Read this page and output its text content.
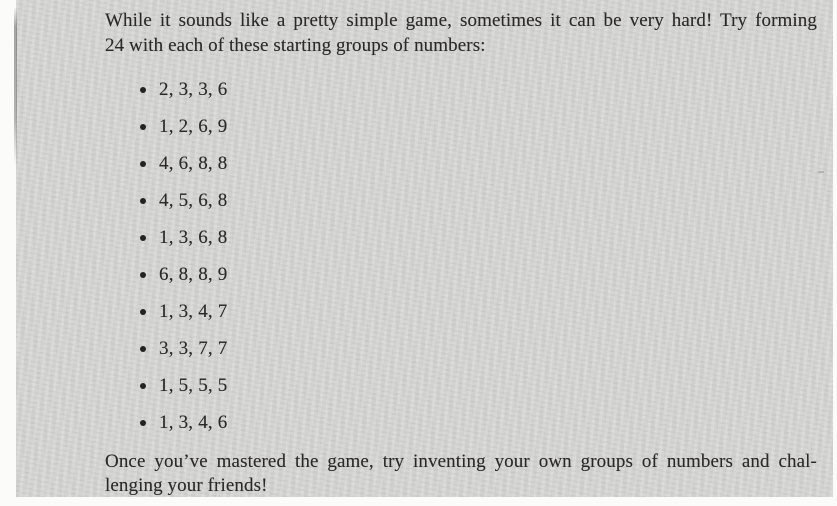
While it sounds like a pretty simple game, sometimes it can be very hard! Try forming
24 with each of these starting groups of numbers:
2, 3, 3, 6
1, 2, 6, 9
4, 6, 8, 8
4, 5, 6, 8
1, 3, 6, 8
6, 8, 8, 9
1, 3, 4, 7
3, 3, 7, 7
1, 5, 5, 5
1, 3, 4, 6
Once you’ve mastered the game, try inventing your own groups of numbers and chal-
lenging your friends!
